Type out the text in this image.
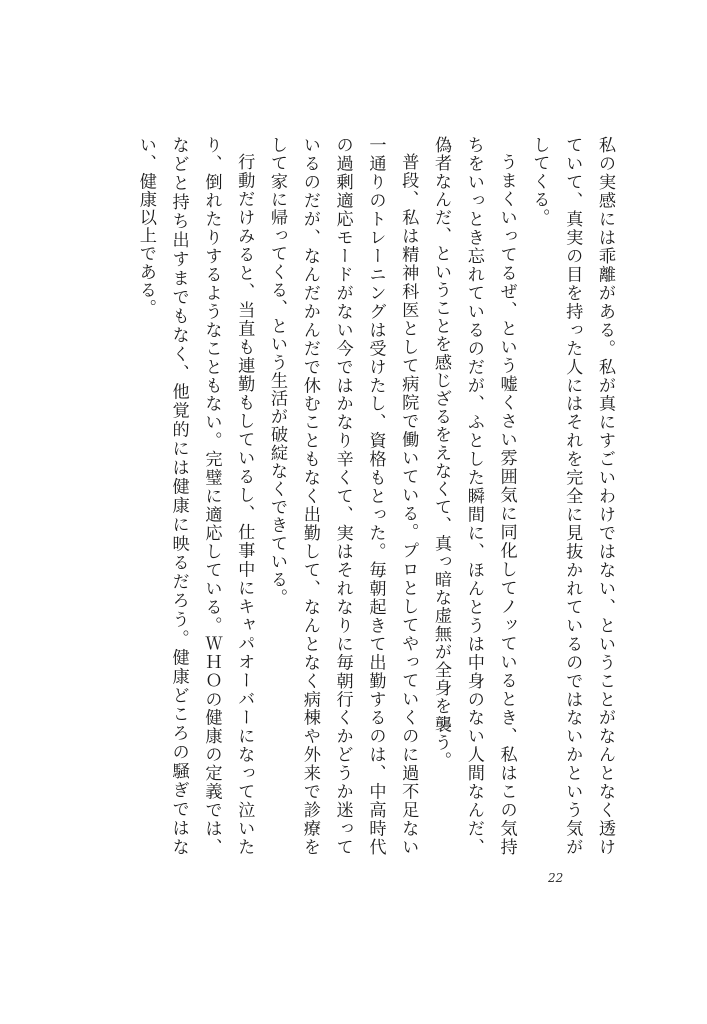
私の実感には乖離がある。私が真にすごいわけではない、ということがなんとなく透けていて、真実の目を持った人にはそれを完全に見抜かれているのではないかという気がしてくる。

うまくいってるぜ、という嘘くさい雰囲気に同化してノッているとき、私はこの気持ちをいっとき忘れているのだが、ふとした瞬間に、ほんとうは中身のない人間なんだ、偽者なんだ、ということを感じざるをえなくて、真っ暗な虚無が全身を襲う。

普段、私は精神科医として病院で働いている。プロとしてやっていくのに過不足ない一通りのトレーニングは受けたし、資格もとった。毎朝起きて出勤するのは、中高時代の過剰適応モードがない今ではかなり辛くて、実はそれなりに毎朝行くかどうか迷っているのだが、なんだかんだで休むこともなく出勤して、なんとなく病棟や外来で診療をして家に帰ってくる、という生活が破綻なくできている。

行動だけみると、当直も連勤もしているし、仕事中にキャパオーバーになって泣いたり、倒れたりするようなこともない。完璧に適応している。ＷＨＯの健康の定義では、などと持ち出すまでもなく、他覚的には健康に映るだろう。健康どころの騒ぎではない、健康以上である。

22
